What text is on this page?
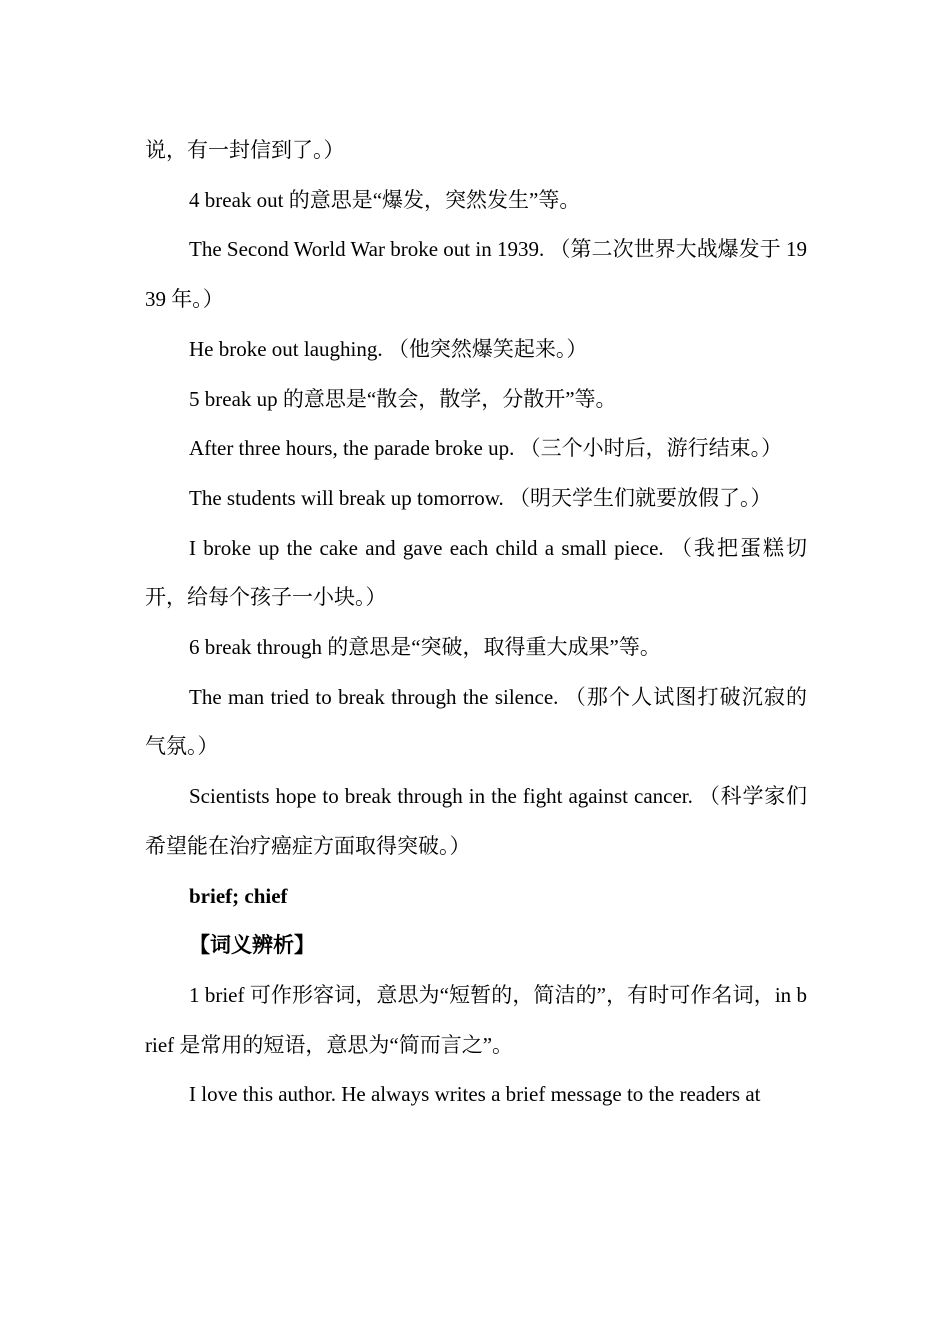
说，有一封信到了。）

4 break out 的意思是“爆发，突然发生”等。

The Second World War broke out in 1939. （第二次世界大战爆发于 1939 年。）

He broke out laughing. （他突然爆笑起来。）

5 break up 的意思是“散会，散学，分散开”等。

After three hours, the parade broke up. （三个小时后，游行结束。）

The students will break up tomorrow. （明天学生们就要放假了。）

I broke up the cake and gave each child a small piece. （我把蛋糕切开，给每个孩子一小块。）

6 break through 的意思是“突破，取得重大成果”等。

The man tried to break through the silence. （那个人试图打破沉寂的气氛。）

Scientists hope to break through in the fight against cancer. （科学家们希望能在治疗癌症方面取得突破。）

brief; chief

【词义辨析】

1 brief 可作形容词，意思为“短暂的，简洁的”，有时可作名词，in brief 是常用的短语，意思为“简而言之”。

I love this author. He always writes a brief message to the readers at
